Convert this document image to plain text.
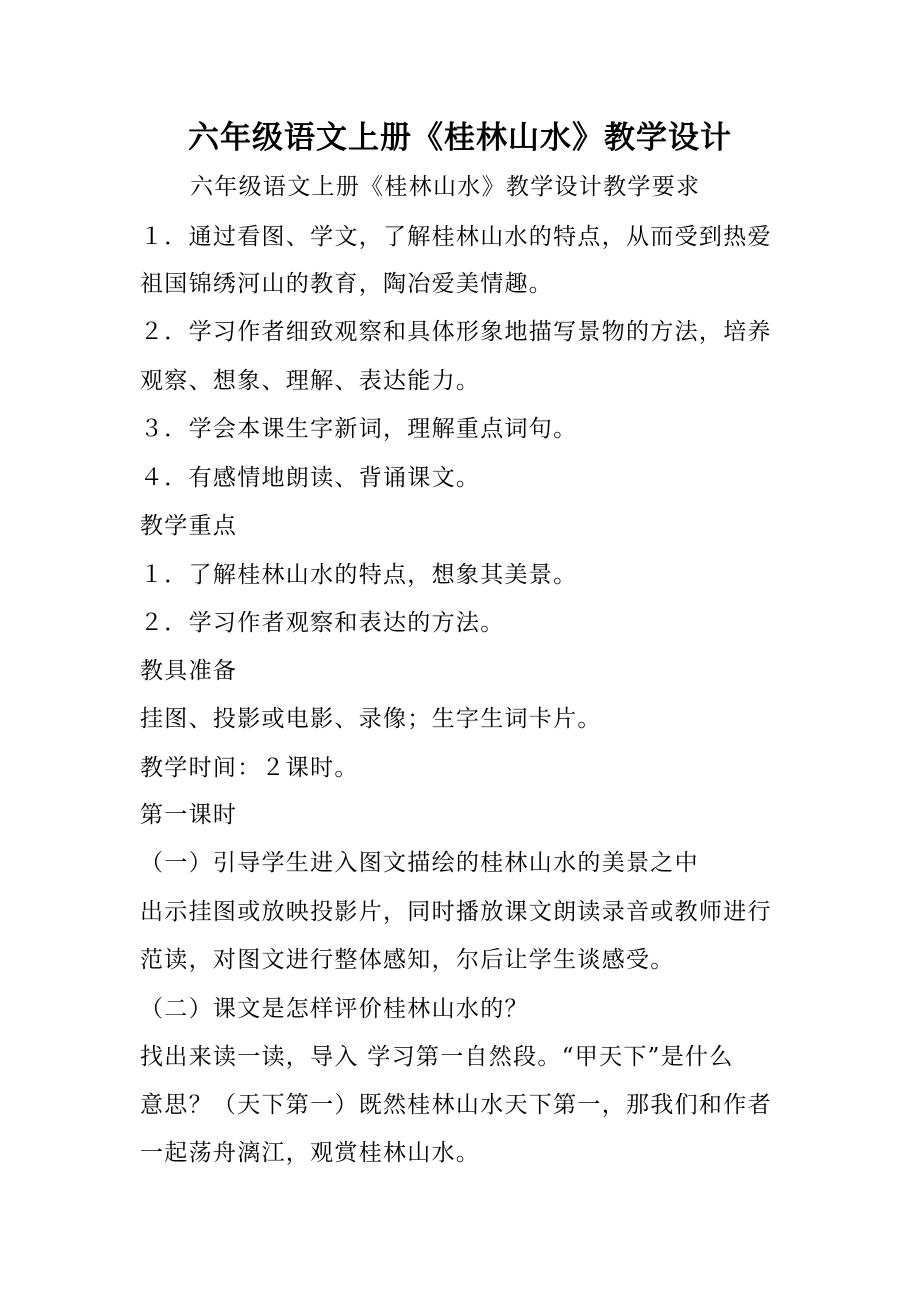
六年级语文上册《桂林山水》教学设计
六年级语文上册《桂林山水》教学设计教学要求
１．通过看图、学文，了解桂林山水的特点，从而受到热爱
祖国锦绣河山的教育，陶冶爱美情趣。
２．学习作者细致观察和具体形象地描写景物的方法，培养
观察、想象、理解、表达能力。
３．学会本课生字新词，理解重点词句。
４．有感情地朗读、背诵课文。
教学重点
１．了解桂林山水的特点，想象其美景。
２．学习作者观察和表达的方法。
教具准备
挂图、投影或电影、录像；生字生词卡片。
教学时间：２课时。
第一课时
（一）引导学生进入图文描绘的桂林山水的美景之中
出示挂图或放映投影片，同时播放课文朗读录音或教师进行
范读，对图文进行整体感知，尔后让学生谈感受。
（二）课文是怎样评价桂林山水的？
找出来读一读，导入 学习第一自然段。“甲天下”是什么
意思？（天下第一）既然桂林山水天下第一，那我们和作者
一起荡舟漓江，观赏桂林山水。
